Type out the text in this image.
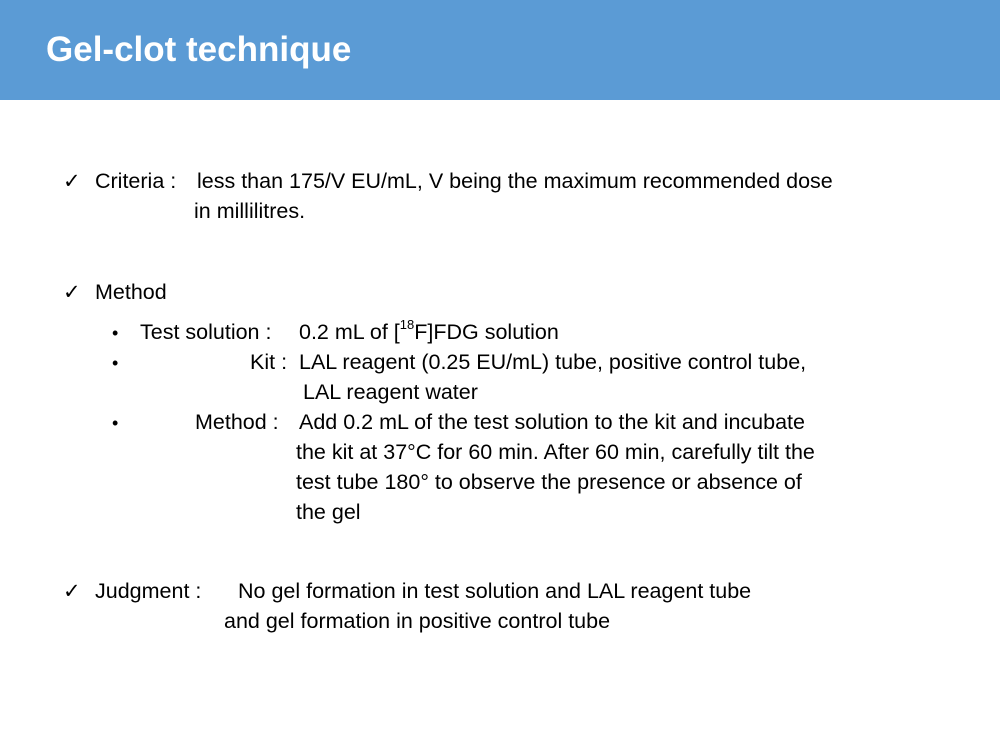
Gel-clot technique
✓ Criteria : less than 175/V EU/mL, V being the maximum recommended dose
in millilitres.
✓ Method
• Test solution : 0.2 mL of [$^{18}$F]FDG solution
•	Kit : LAL reagent (0.25 EU/mL) tube, positive control tube,
LAL reagent water
•	Method : Add 0.2 mL of the test solution to the kit and incubate
the kit at 37°C for 60 min. After 60 min, carefully tilt the
test tube 180° to observe the presence or absence of
the gel
✓ Judgment : No gel formation in test solution and LAL reagent tube
and gel formation in positive control tube
